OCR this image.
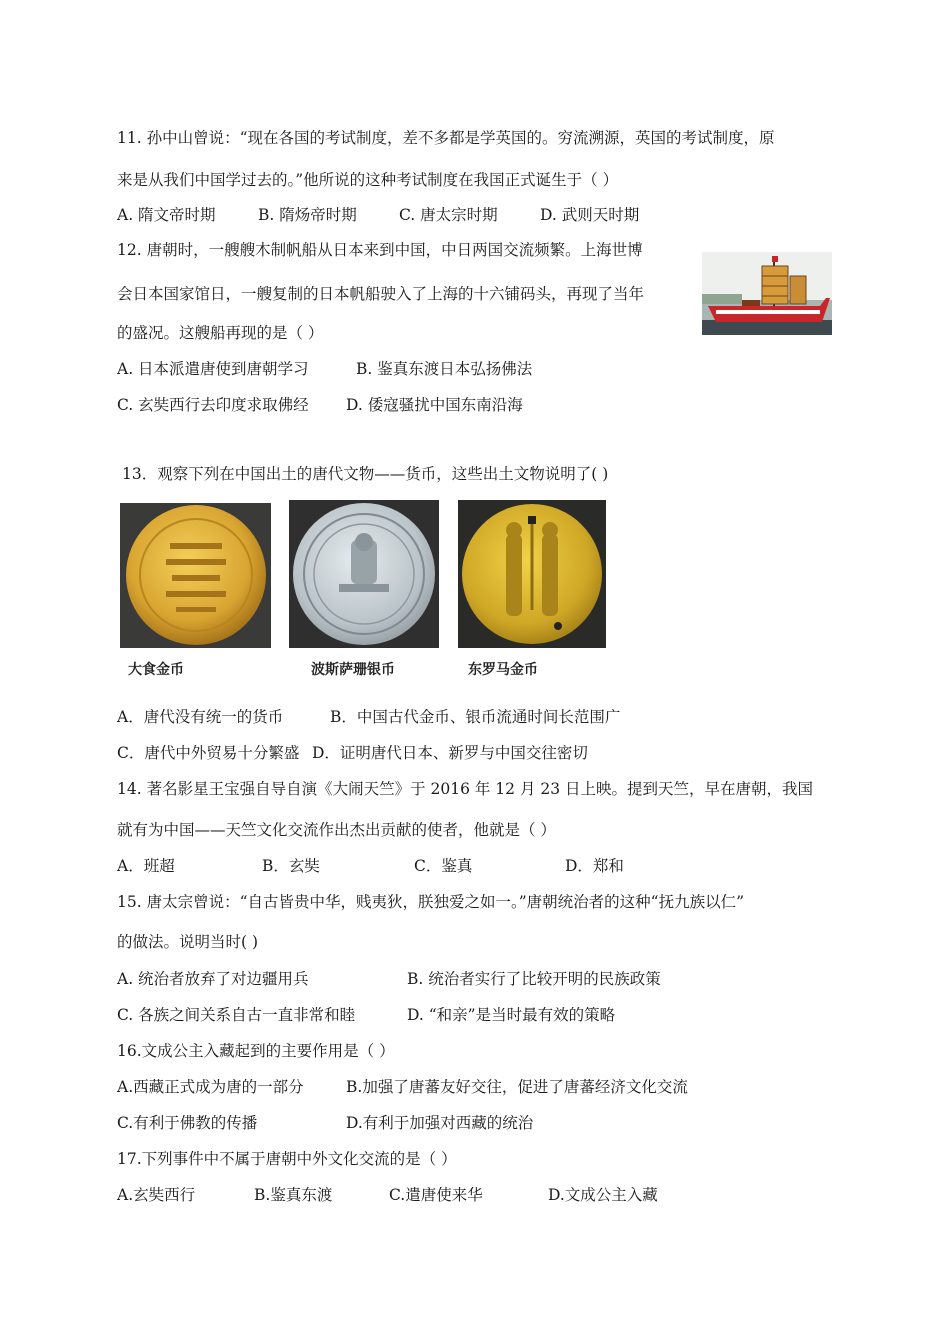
11. 孙中山曾说：“现在各国的考试制度，差不多都是学英国的。穷流溯源，英国的考试制度，原
来是从我们中国学过去的。”他所说的这种考试制度在我国正式诞生于（ ）
A. 隋文帝时期	B. 隋炀帝时期	C. 唐太宗时期	D. 武则天时期
12. 唐朝时，一艘艘木制帆船从日本来到中国，中日两国交流频繁。上海世博
会日本国家馆日，一艘复制的日本帆船驶入了上海的十六铺码头，再现了当年
的盛况。这艘船再现的是（ ）
A. 日本派遣唐使到唐朝学习	B. 鉴真东渡日本弘扬佛法
C. 玄奘西行去印度求取佛经 D. 倭寇骚扰中国东南沿海
13．观察下列在中国出土的唐代文物——货币，这些出土文物说明了( )
大食金币	波斯萨珊银币	东罗马金币
A．唐代没有统一的货币	B．中国古代金币、银币流通时间长范围广
C．唐代中外贸易十分繁盛 D．证明唐代日本、新罗与中国交往密切
14. 著名影星王宝强自导自演《大闹天竺》于 2016 年 12 月 23 日上映。提到天竺，早在唐朝，我国
就有为中国——天竺文化交流作出杰出贡献的使者，他就是（ ）
A．班超	B．玄奘	C．鉴真	D．郑和
15. 唐太宗曾说：“自古皆贵中华，贱夷狄，朕独爱之如一。”唐朝统治者的这种“抚九族以仁”
的做法。说明当时( )
A. 统治者放弃了对边疆用兵	B. 统治者实行了比较开明的民族政策
C. 各族之间关系自古一直非常和睦	D. “和亲”是当时最有效的策略
16.文成公主入藏起到的主要作用是（ ）
A.西藏正式成为唐的一部分	B.加强了唐蕃友好交往，促进了唐蕃经济文化交流
C.有利于佛教的传播	D.有利于加强对西藏的统治
17.下列事件中不属于唐朝中外文化交流的是（ ）
A.玄奘西行	B.鉴真东渡	C.遣唐使来华	D.文成公主入藏
